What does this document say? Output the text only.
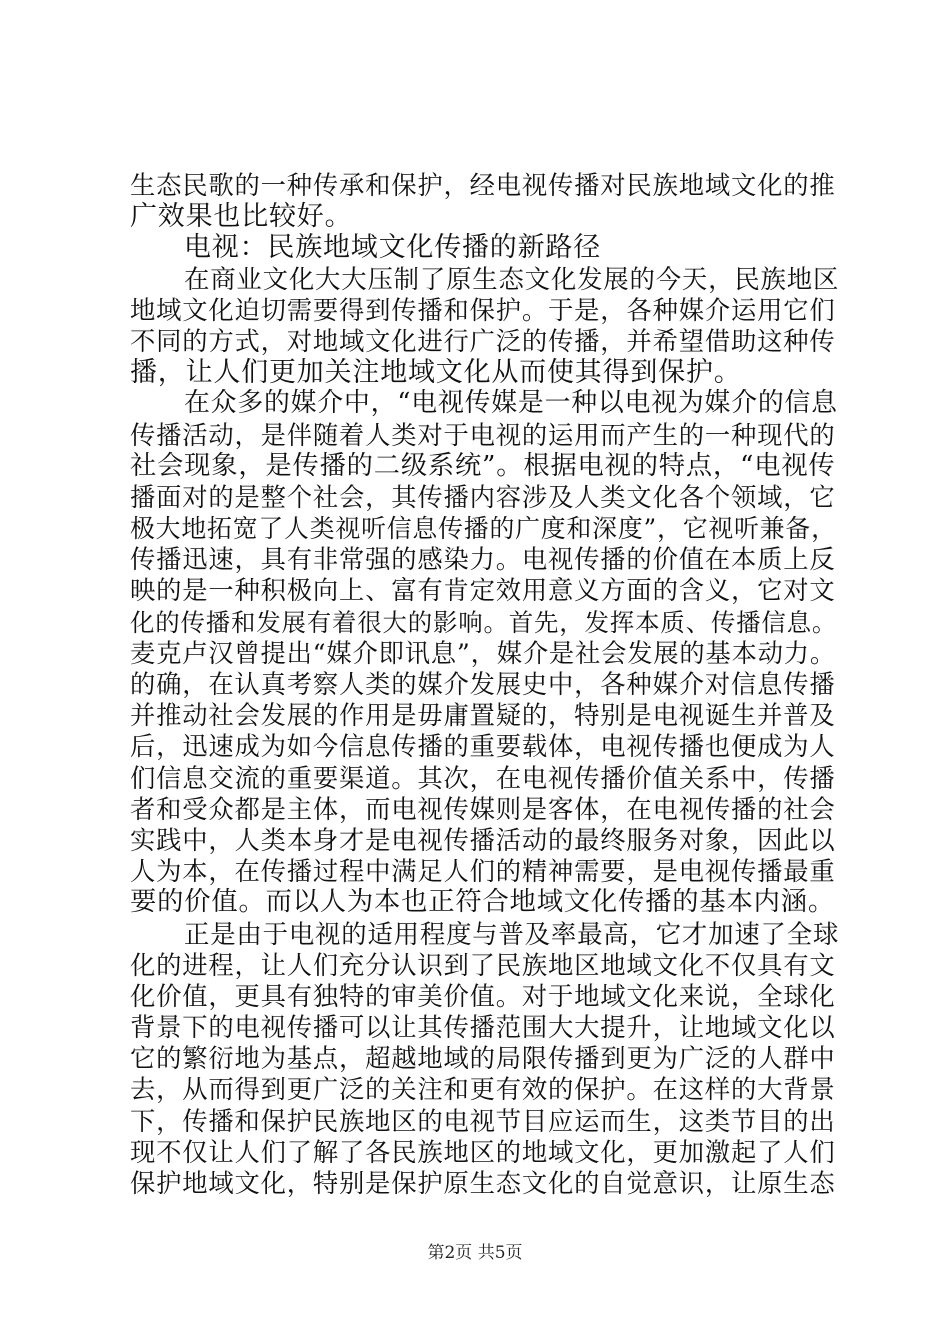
生态民歌的一种传承和保护，经电视传播对民族地域文化的推
广效果也比较好。
电视：民族地域文化传播的新路径
在商业文化大大压制了原生态文化发展的今天，民族地区
地域文化迫切需要得到传播和保护。于是，各种媒介运用它们
不同的方式，对地域文化进行广泛的传播，并希望借助这种传
播，让人们更加关注地域文化从而使其得到保护。
在众多的媒介中，“电视传媒是一种以电视为媒介的信息
传播活动，是伴随着人类对于电视的运用而产生的一种现代的
社会现象，是传播的二级系统”。根据电视的特点，“电视传
播面对的是整个社会，其传播内容涉及人类文化各个领域，它
极大地拓宽了人类视听信息传播的广度和深度”，它视听兼备，
传播迅速，具有非常强的感染力。电视传播的价值在本质上反
映的是一种积极向上、富有肯定效用意义方面的含义，它对文
化的传播和发展有着很大的影响。首先，发挥本质、传播信息。
麦克卢汉曾提出“媒介即讯息”，媒介是社会发展的基本动力。
的确，在认真考察人类的媒介发展史中，各种媒介对信息传播
并推动社会发展的作用是毋庸置疑的，特别是电视诞生并普及
后，迅速成为如今信息传播的重要载体，电视传播也便成为人
们信息交流的重要渠道。其次，在电视传播价值关系中，传播
者和受众都是主体，而电视传媒则是客体，在电视传播的社会
实践中，人类本身才是电视传播活动的最终服务对象，因此以
人为本，在传播过程中满足人们的精神需要，是电视传播最重
要的价值。而以人为本也正符合地域文化传播的基本内涵。
正是由于电视的适用程度与普及率最高，它才加速了全球
化的进程，让人们充分认识到了民族地区地域文化不仅具有文
化价值，更具有独特的审美价值。对于地域文化来说，全球化
背景下的电视传播可以让其传播范围大大提升，让地域文化以
它的繁衍地为基点，超越地域的局限传播到更为广泛的人群中
去，从而得到更广泛的关注和更有效的保护。在这样的大背景
下，传播和保护民族地区的电视节目应运而生，这类节目的出
现不仅让人们了解了各民族地区的地域文化，更加激起了人们
保护地域文化，特别是保护原生态文化的自觉意识，让原生态
第2页 共5页
